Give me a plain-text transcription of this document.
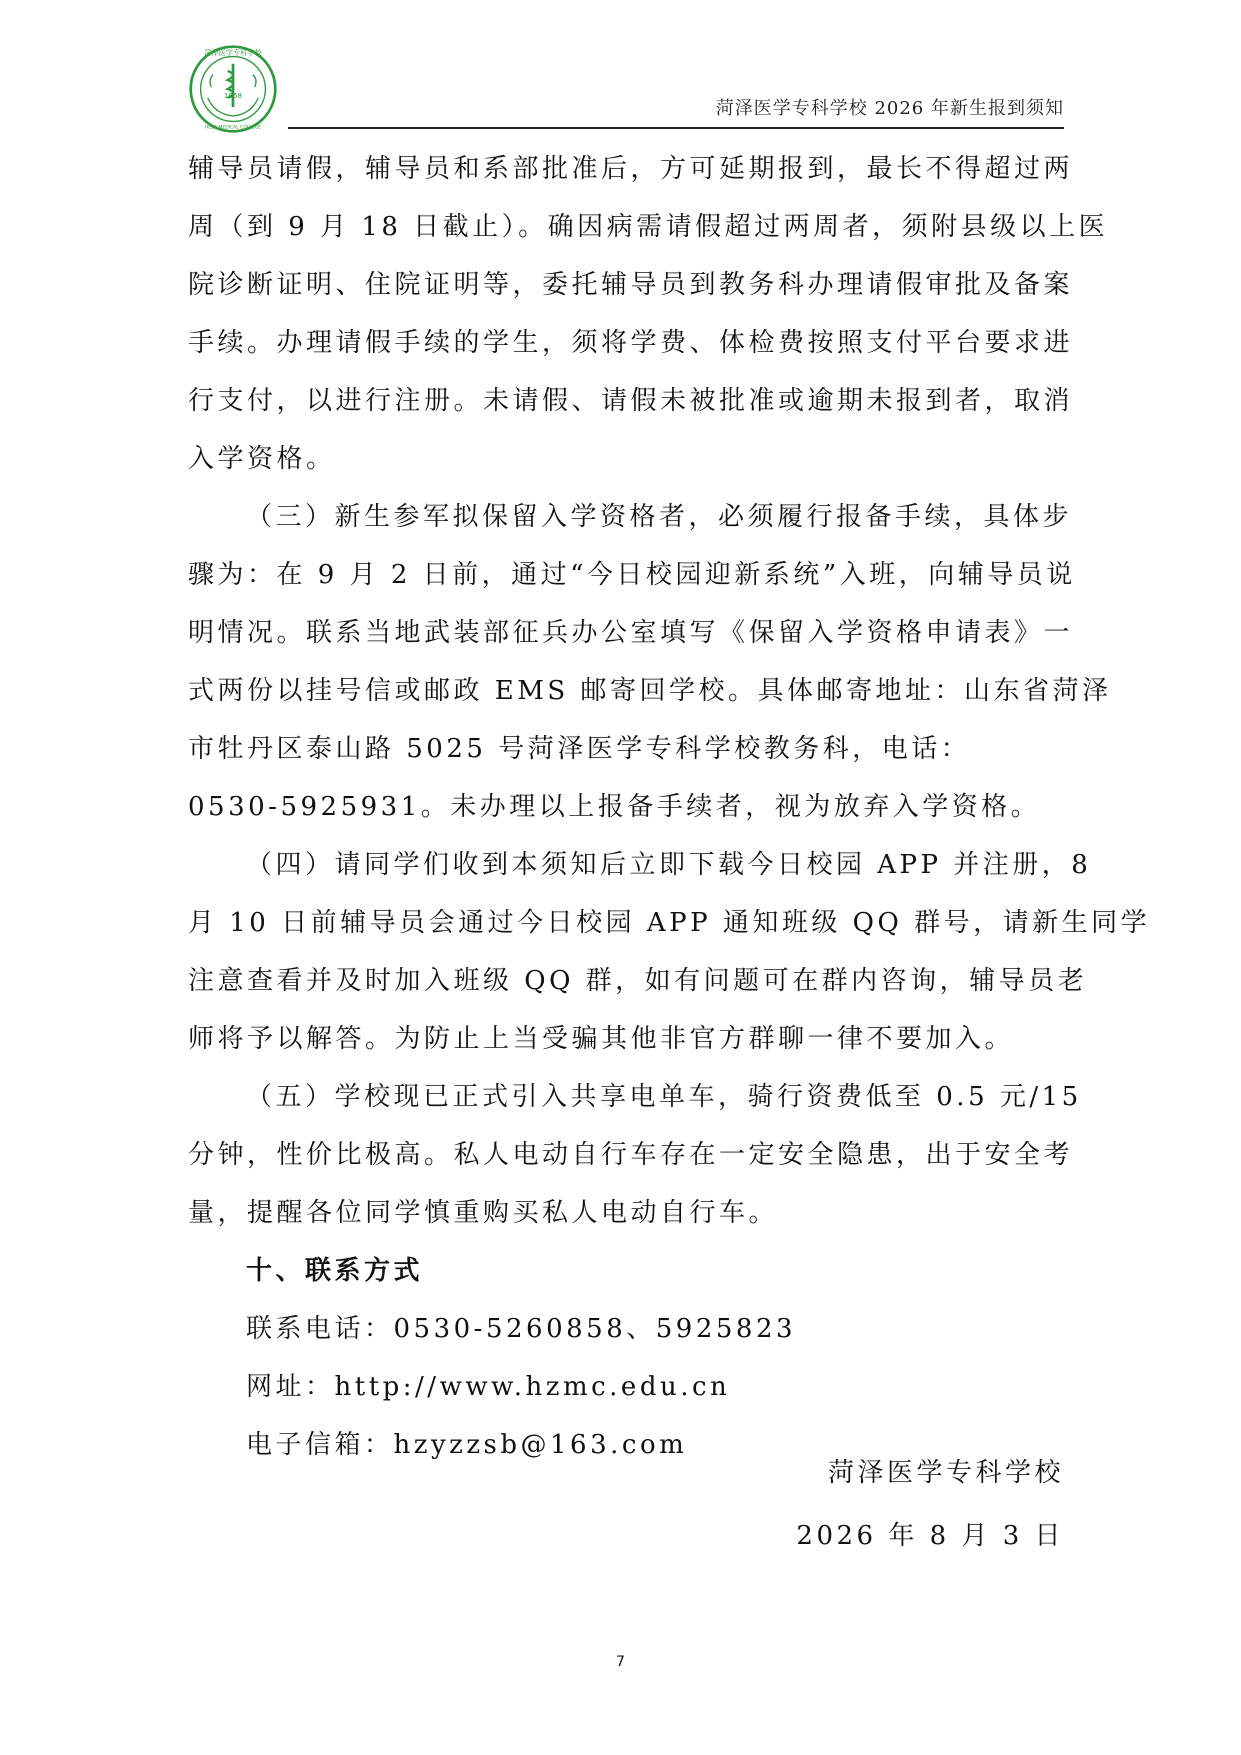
1958
菏泽医学专科学校
HEZE MEDICAL COLLEGE
菏泽医学专科学校 2026 年新生报到须知
辅导员请假，辅导员和系部批准后，方可延期报到，最长不得超过两
周（到 9 月 18 日截止）。确因病需请假超过两周者，须附县级以上医
院诊断证明、住院证明等，委托辅导员到教务科办理请假审批及备案
手续。办理请假手续的学生，须将学费、体检费按照支付平台要求进
行支付，以进行注册。未请假、请假未被批准或逾期未报到者，取消
入学资格。
（三）新生参军拟保留入学资格者，必须履行报备手续，具体步
骤为：在 9 月 2 日前，通过“今日校园迎新系统”入班，向辅导员说
明情况。联系当地武装部征兵办公室填写《保留入学资格申请表》一
式两份以挂号信或邮政 EMS 邮寄回学校。具体邮寄地址：山东省菏泽
市牡丹区泰山路 5025 号菏泽医学专科学校教务科，电话：
0530-5925931。未办理以上报备手续者，视为放弃入学资格。
（四）请同学们收到本须知后立即下载今日校园 APP 并注册，8
月 10 日前辅导员会通过今日校园 APP 通知班级 QQ 群号，请新生同学
注意查看并及时加入班级 QQ 群，如有问题可在群内咨询，辅导员老
师将予以解答。为防止上当受骗其他非官方群聊一律不要加入。
（五）学校现已正式引入共享电单车，骑行资费低至 0.5 元/15
分钟，性价比极高。私人电动自行车存在一定安全隐患，出于安全考
量，提醒各位同学慎重购买私人电动自行车。
十、联系方式
联系电话：0530-5260858、5925823
网址：http://www.hzmc.edu.cn
电子信箱：hzyzzsb@163.com
菏泽医学专科学校
2026 年 8 月 3 日
7
